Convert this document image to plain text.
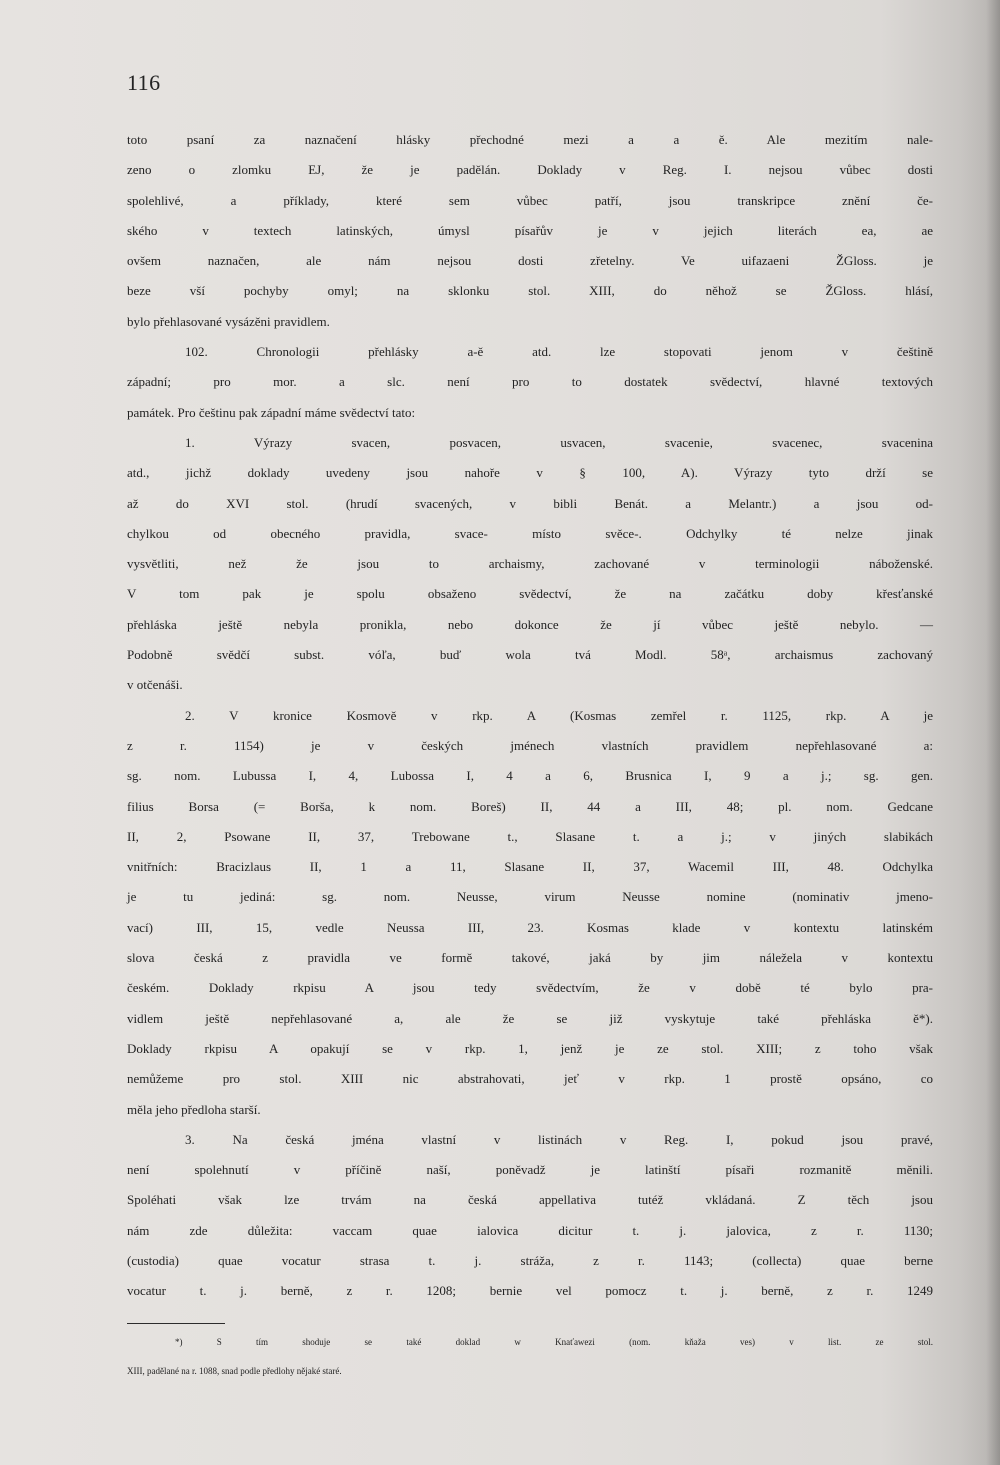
116
toto psaní za naznačení hlásky přechodné mezi a a ě. Ale mezitím nale-
zeno o zlomku EJ, že je padělán. Doklady v Reg. I. nejsou vůbec dosti
spolehlivé, a příklady, které sem vůbec patří, jsou transkripce znění če-
ského v textech latinských, úmysl písařův je v jejich literách ea, ae
ovšem naznačen, ale nám nejsou dosti zřetelny. Ve uifazaeni ŽGloss. je
beze vší pochyby omyl; na sklonku stol. XIII, do něhož se ŽGloss. hlásí,
bylo přehlasované vysázěni pravidlem.
102. Chronologii přehlásky a-ě atd. lze stopovati jenom v češtině
západní; pro mor. a slc. není pro to dostatek svědectví, hlavné textových
památek. Pro češtinu pak západní máme svědectví tato:
1. Výrazy svacen, posvacen, usvacen, svacenie, svacenec, svacenina
atd., jichž doklady uvedeny jsou nahoře v § 100, A). Výrazy tyto drží se
až do XVI stol. (hrudí svacených, v bibli Benát. a Melantr.) a jsou od-
chylkou od obecného pravidla, svace- místo svěce-. Odchylky té nelze jinak
vysvětliti, než že jsou to archaismy, zachované v terminologii náboženské.
V tom pak je spolu obsaženo svědectví, že na začátku doby křesťanské
přehláska ještě nebyla pronikla, nebo dokonce že jí vůbec ještě nebylo. —
Podobně svědčí subst. vóľa, buď wola tvá Modl. 58ᵃ, archaismus zachovaný
v otčenáši.
2. V kronice Kosmově v rkp. A (Kosmas zemřel r. 1125, rkp. A je
z r. 1154) je v českých jménech vlastních pravidlem nepřehlasované a:
sg. nom. Lubussa I, 4, Lubossa I, 4 a 6, Brusnica I, 9 a j.; sg. gen.
filius Borsa (= Borša, k nom. Boreš) II, 44 a III, 48; pl. nom. Gedcane
II, 2, Psowane II, 37, Trebowane t., Slasane t. a j.; v jiných slabikách
vnitřních: Bracizlaus II, 1 a 11, Slasane II, 37, Wacemil III, 48. Odchylka
je tu jediná: sg. nom. Neusse, virum Neusse nomine (nominativ jmeno-
vací) III, 15, vedle Neussa III, 23. Kosmas klade v kontextu latinském
slova česká z pravidla ve formě takové, jaká by jim náležela v kontextu
českém. Doklady rkpisu A jsou tedy svědectvím, že v době té bylo pra-
vidlem ještě nepřehlasované a, ale že se již vyskytuje také přehláska ě*).
Doklady rkpisu A opakují se v rkp. 1, jenž je ze stol. XIII; z toho však
nemůžeme pro stol. XIII nic abstrahovati, jeť v rkp. 1 prostě opsáno, co
měla jeho předloha starší.
3. Na česká jména vlastní v listinách v Reg. I, pokud jsou pravé,
není spolehnutí v příčině naší, poněvadž je latinští písaři rozmanitě měnili.
Spoléhati však lze trvám na česká appellativa tutéž vkládaná. Z těch jsou
nám zde důležita: vaccam quae ialovica dicitur t. j. jalovica, z r. 1130;
(custodia) quae vocatur strasa t. j. stráža, z r. 1143; (collecta) quae berne
vocatur t. j. berně, z r. 1208; bernie vel pomocz t. j. berně, z r. 1249
*) S tím shoduje se také doklad w Knaťawezi (nom. kňaža ves) v list. ze stol.
XIII, padělané na r. 1088, snad podle předlohy nějaké staré.
